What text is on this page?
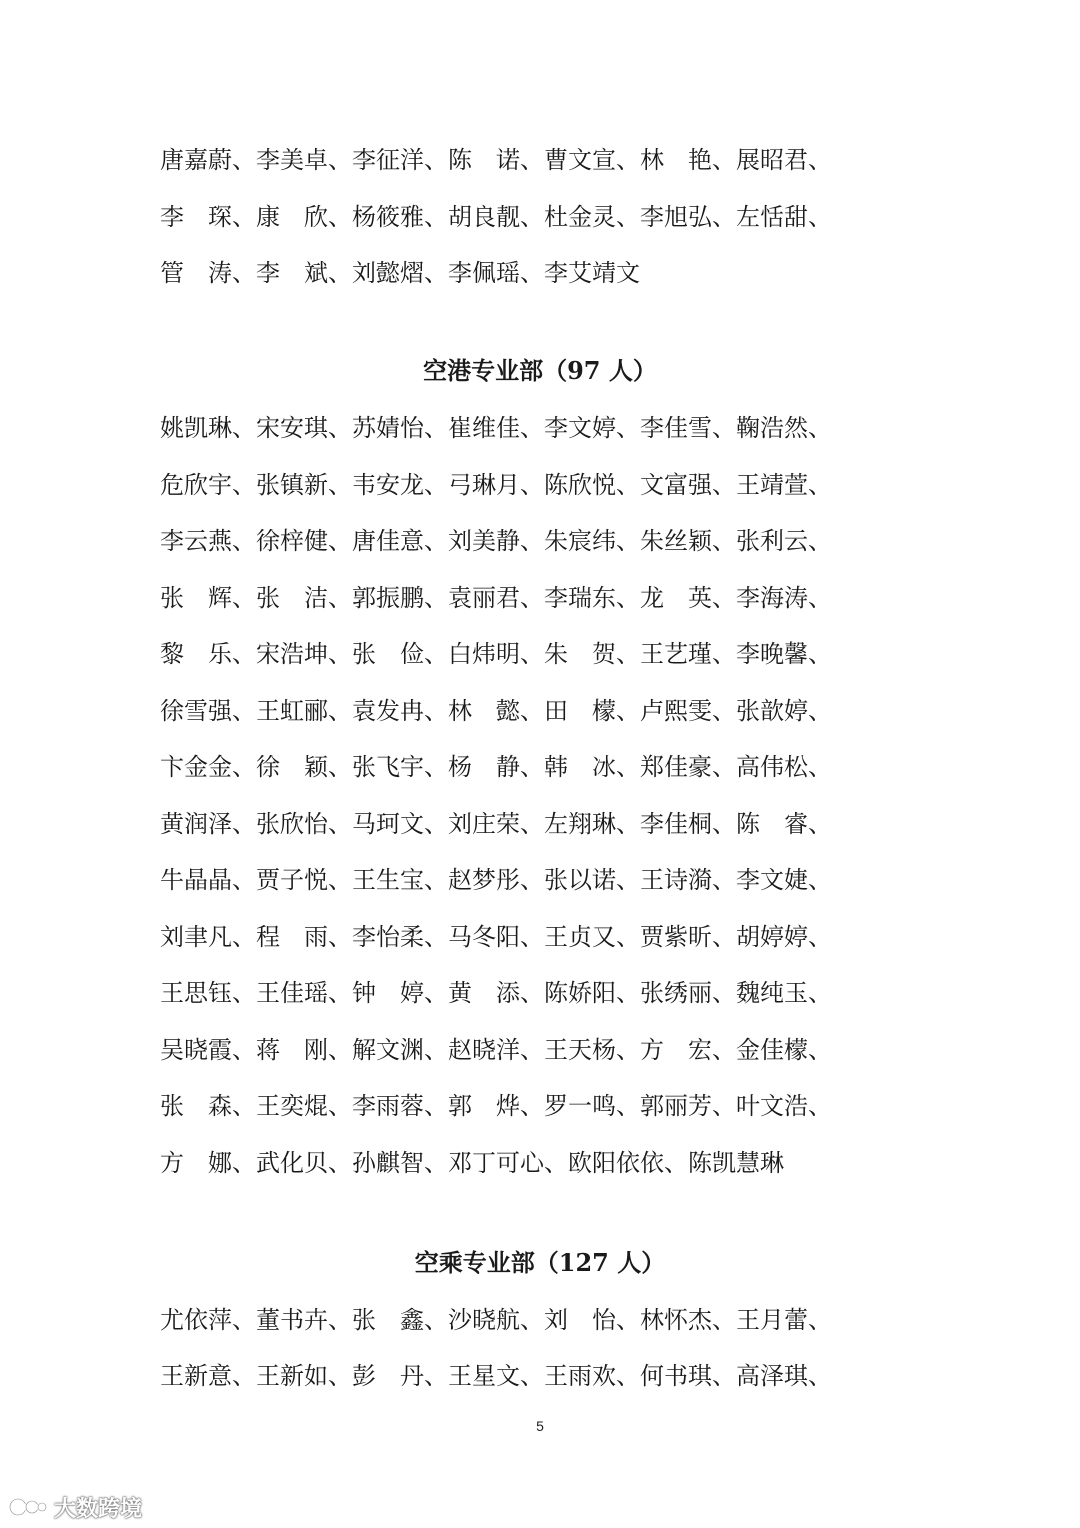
唐嘉蔚、李美卓、李征洋、陈　诺、曹文宣、林　艳、展昭君、
李　琛、康　欣、杨筱雅、胡良靓、杜金灵、李旭弘、左恬甜、
管　涛、李　斌、刘懿熠、李佩瑶、李艾靖文
空港专业部（97 人）
姚凯琳、宋安琪、苏婧怡、崔维佳、李文婷、李佳雪、鞠浩然、
危欣宇、张镇新、韦安龙、弓琳月、陈欣悦、文富强、王靖萱、
李云燕、徐梓健、唐佳意、刘美静、朱宸纬、朱丝颖、张利云、
张　辉、张　洁、郭振鹏、袁丽君、李瑞东、龙　英、李海涛、
黎　乐、宋浩坤、张　俭、白炜明、朱　贺、王艺瑾、李晚馨、
徐雪强、王虹郦、袁发冉、林　懿、田　檬、卢熙雯、张歆婷、
卞金金、徐　颖、张飞宇、杨　静、韩　冰、郑佳豪、高伟松、
黄润泽、张欣怡、马珂文、刘庄荣、左翔琳、李佳桐、陈　睿、
牛晶晶、贾子悦、王生宝、赵梦彤、张以诺、王诗漪、李文婕、
刘聿凡、程　雨、李怡柔、马冬阳、王贞又、贾紫昕、胡婷婷、
王思钰、王佳瑶、钟　婷、黄　添、陈娇阳、张绣丽、魏纯玉、
吴晓霞、蒋　刚、解文渊、赵晓洋、王天杨、方　宏、金佳檬、
张　森、王奕焜、李雨蓉、郭　烨、罗一鸣、郭丽芳、叶文浩、
方　娜、武化贝、孙麒智、邓丁可心、欧阳依依、陈凯慧琳
空乘专业部（127 人）
尤依萍、董书卉、张　鑫、沙晓航、刘　怡、林怀杰、王月蕾、
王新意、王新如、彭　丹、王星文、王雨欢、何书琪、高泽琪、
5
大数跨境
